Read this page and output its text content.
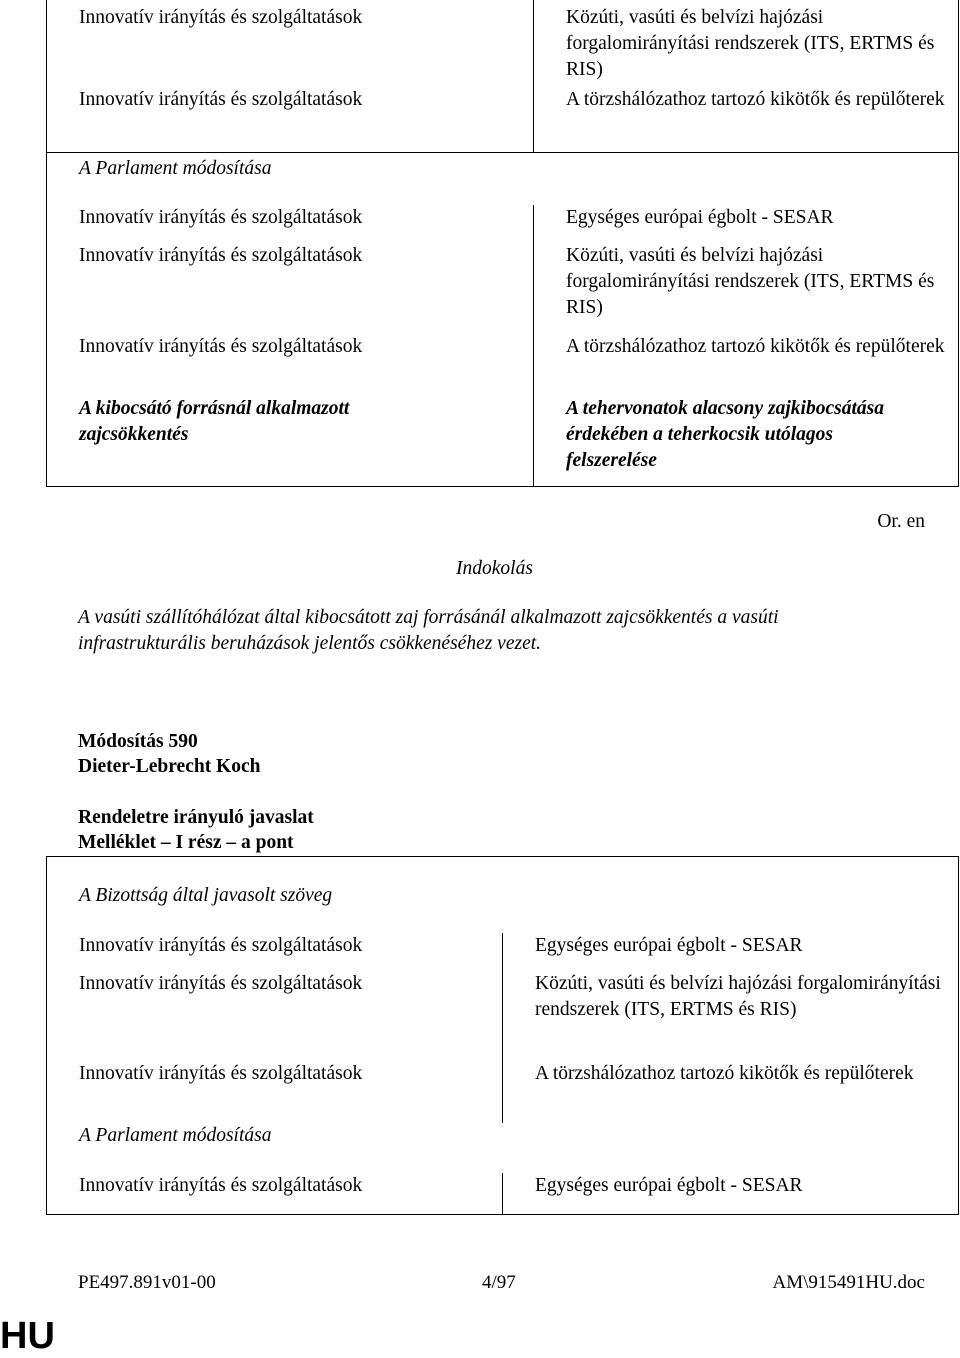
Innovatív irányítás és szolgáltatások	Közúti, vasúti és belvízi hajózási forgalomirányítási rendszerek (ITS, ERTMS és RIS)
Innovatív irányítás és szolgáltatások	A törzshálózathoz tartozó kikötők és repülőterek
A Parlament módosítása	
Innovatív irányítás és szolgáltatások	Egységes európai égbolt - SESAR
Innovatív irányítás és szolgáltatások	Közúti, vasúti és belvízi hajózási forgalomirányítási rendszerek (ITS, ERTMS és RIS)
Innovatív irányítás és szolgáltatások	A törzshálózathoz tartozó kikötők és repülőterek
A kibocsátó forrásnál alkalmazott zajcsökkentés	A tehervonatok alacsony zajkibocsátása érdekében a teherkocsik utólagos felszerelése
Or. en
Indokolás
A vasúti szállítóhálózat által kibocsátott zaj forrásánál alkalmazott zajcsökkentés a vasúti infrastrukturális beruházások jelentős csökkenéséhez vezet.
Módosítás 590
Dieter-Lebrecht Koch
Rendeletre irányuló javaslat
Melléklet – I rész – a pont
A Bizottság által javasolt szöveg	
Innovatív irányítás és szolgáltatások	Egységes európai égbolt - SESAR
Innovatív irányítás és szolgáltatások	Közúti, vasúti és belvízi hajózási forgalomirányítási rendszerek (ITS, ERTMS és RIS)
Innovatív irányítás és szolgáltatások	A törzshálózathoz tartozó kikötők és repülőterek
A Parlament módosítása	
Innovatív irányítás és szolgáltatások	Egységes európai égbolt - SESAR
PE497.891v01-00	4/97	AM\915491HU.doc
HU
